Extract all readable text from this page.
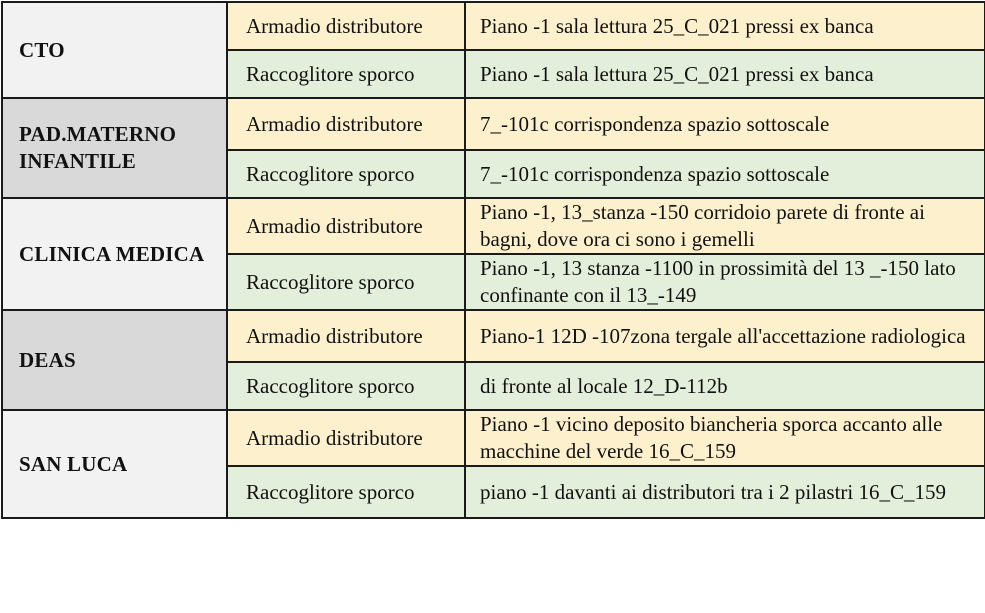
CTO	Armadio distributore	Piano -1 sala lettura 25_C_021 pressi ex banca
	Raccoglitore sporco	Piano -1 sala lettura 25_C_021 pressi ex banca
PAD.MATERNO INFANTILE	Armadio distributore	7_-101c corrispondenza spazio sottoscale
	Raccoglitore sporco	7_-101c corrispondenza spazio sottoscale
CLINICA MEDICA	Armadio distributore	Piano -1, 13_stanza -150 corridoio parete di fronte ai bagni, dove ora ci sono i gemelli
	Raccoglitore sporco	Piano -1, 13 stanza -1100 in prossimità del 13 _-150 lato confinante con il 13_-149
DEAS	Armadio distributore	Piano-1 12D -107zona tergale all'accettazione radiologica
	Raccoglitore sporco	di fronte al locale 12_D-112b
SAN LUCA	Armadio distributore	Piano -1 vicino deposito biancheria sporca accanto alle macchine del verde 16_C_159
	Raccoglitore sporco	piano -1 davanti ai distributori tra i 2 pilastri 16_C_159
